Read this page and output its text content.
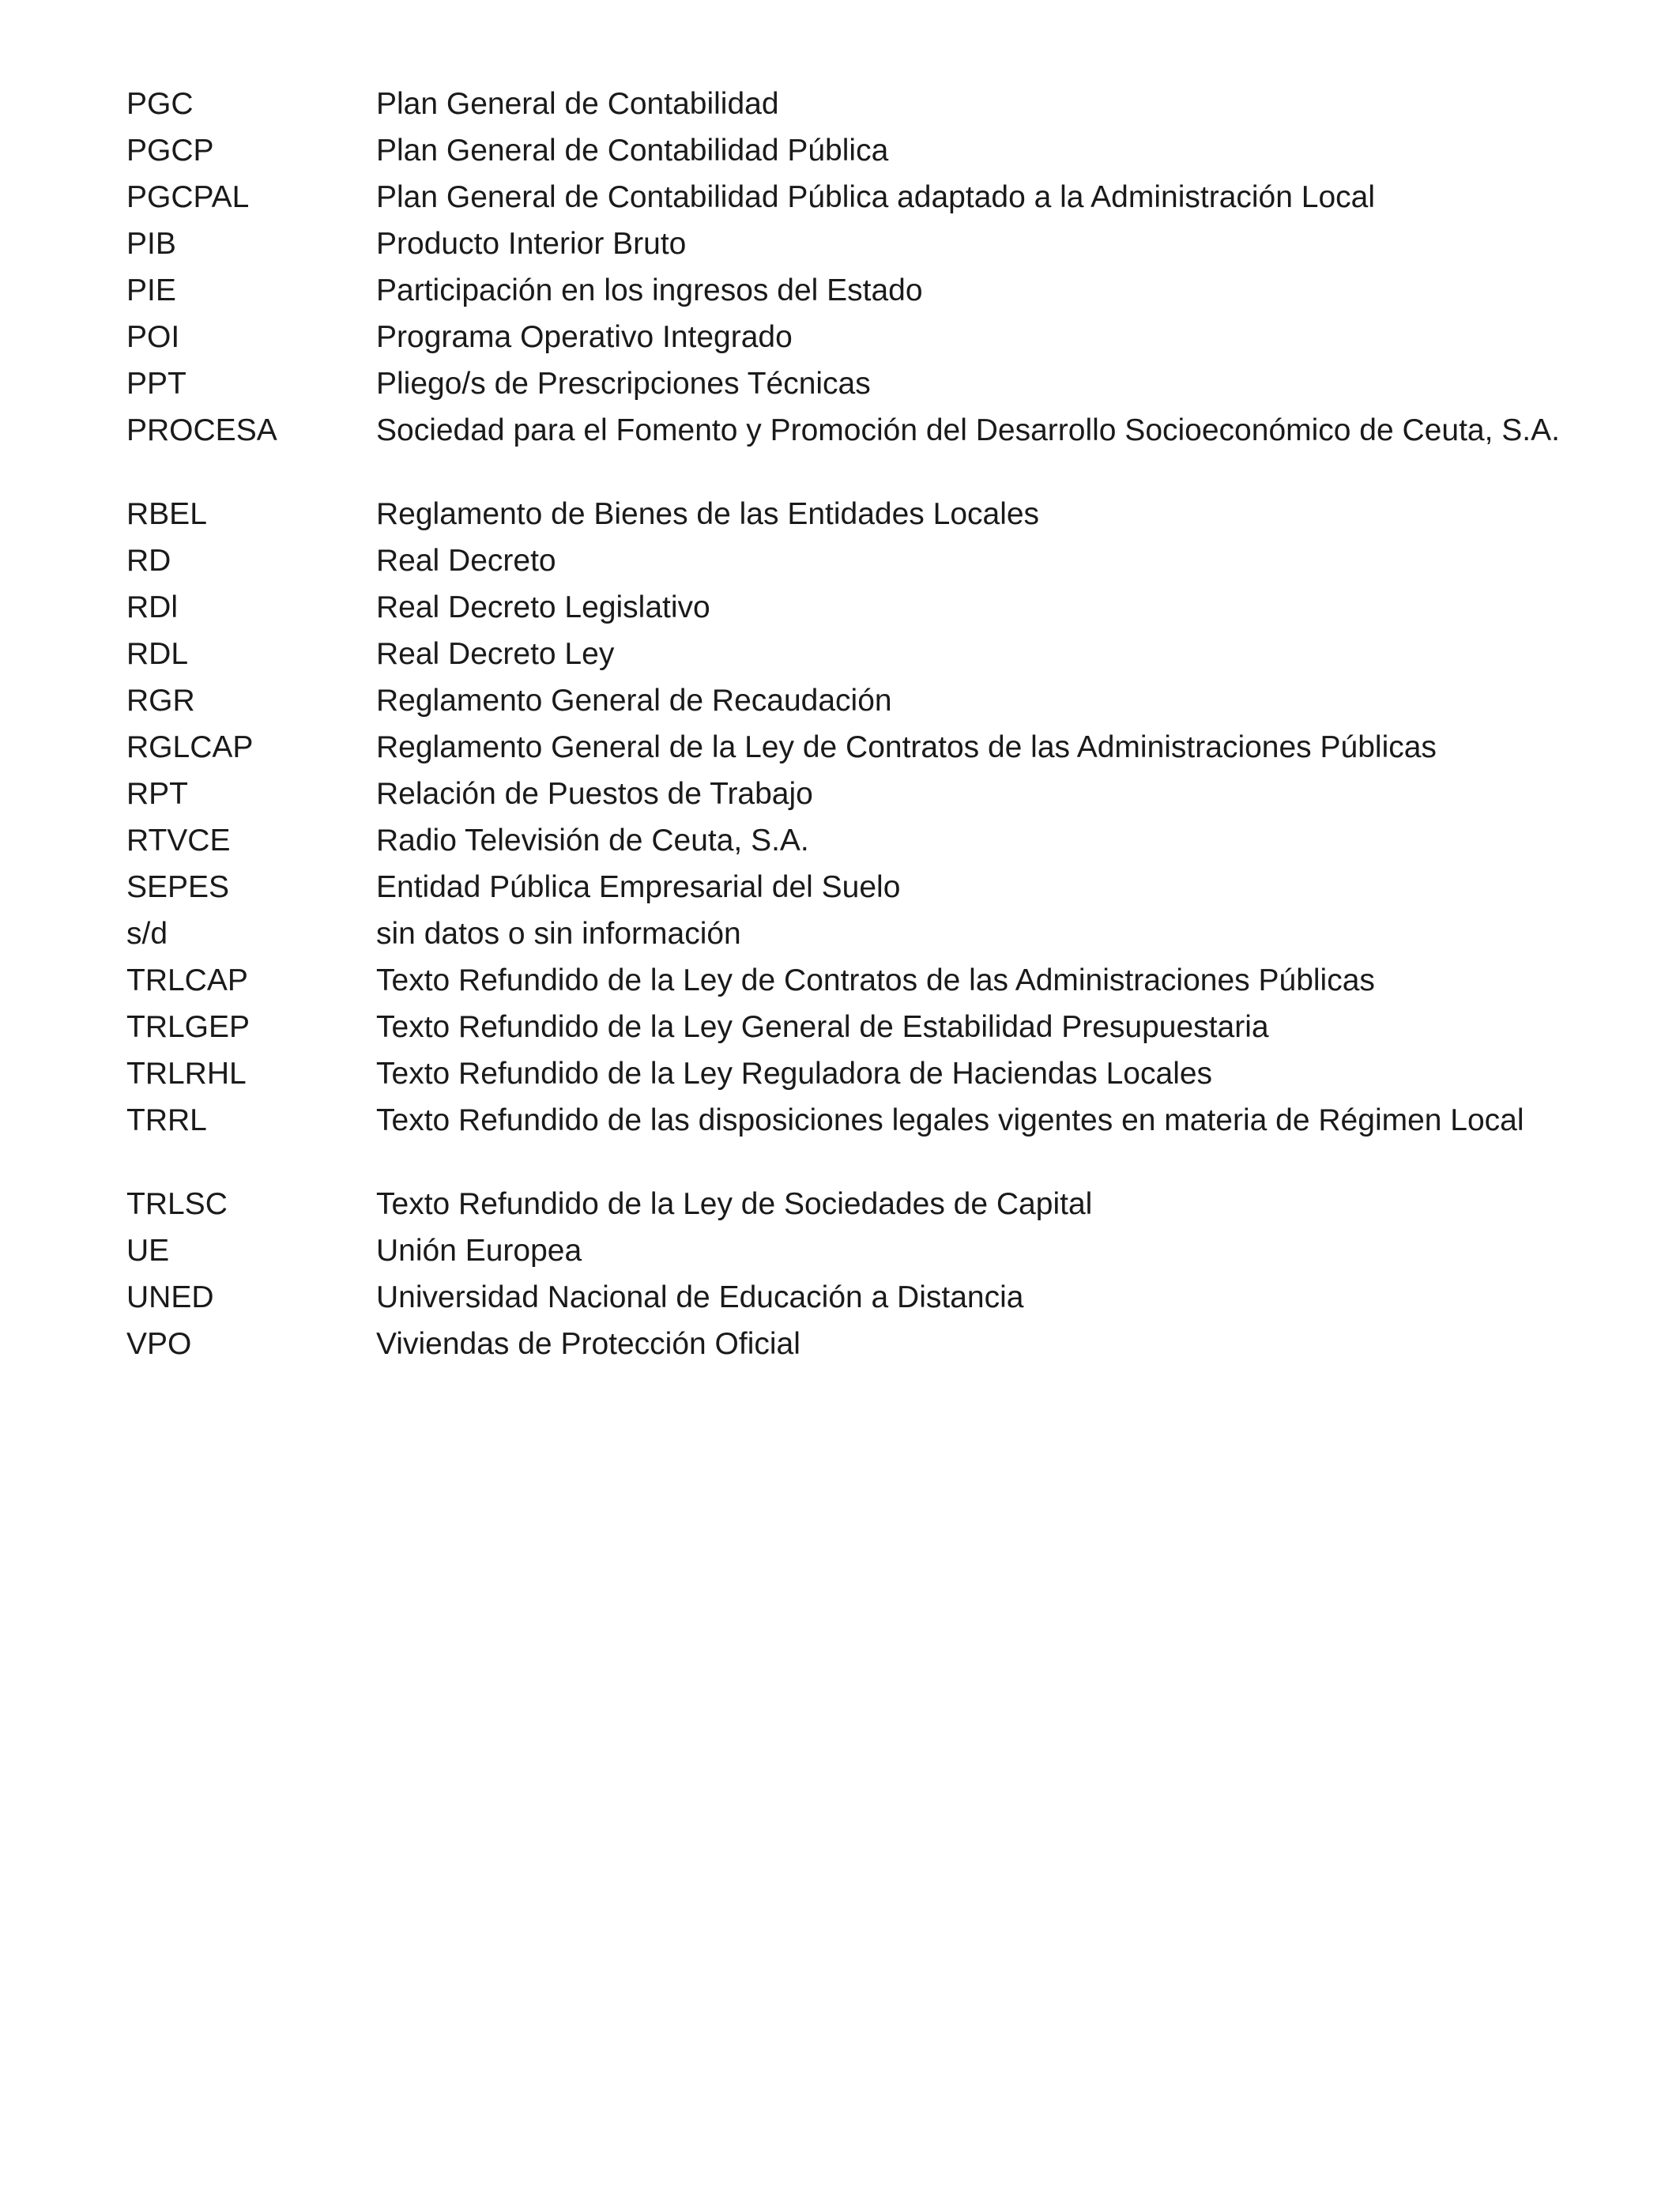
PGC	Plan General de Contabilidad
PGCP	Plan General de Contabilidad Pública
PGCPAL	Plan General de Contabilidad Pública adaptado a la Administración Local
PIB	Producto Interior Bruto
PIE	Participación en los ingresos del Estado
POI	Programa Operativo Integrado
PPT	Pliego/s de Prescripciones Técnicas
PROCESA	Sociedad para el Fomento y Promoción del Desarrollo Socioeconómico de Ceuta, S.A.
RBEL	Reglamento de Bienes de las Entidades Locales
RD	Real Decreto
RDl	Real Decreto Legislativo
RDL	Real Decreto Ley
RGR	Reglamento General de Recaudación
RGLCAP	Reglamento General de la Ley de Contratos de las Administraciones Públicas
RPT	Relación de Puestos de Trabajo
RTVCE	Radio Televisión de Ceuta, S.A.
SEPES	Entidad Pública Empresarial del Suelo
s/d	sin datos o sin información
TRLCAP	Texto Refundido de la Ley de Contratos de las Administraciones Públicas
TRLGEP	Texto Refundido de la Ley General de Estabilidad Presupuestaria
TRLRHL	Texto Refundido de la Ley Reguladora de Haciendas Locales
TRRL	Texto Refundido de las disposiciones legales vigentes en materia de Régimen Local
TRLSC	Texto Refundido de la Ley de Sociedades de Capital
UE	Unión Europea
UNED	Universidad Nacional de Educación a Distancia
VPO	Viviendas de Protección Oficial
